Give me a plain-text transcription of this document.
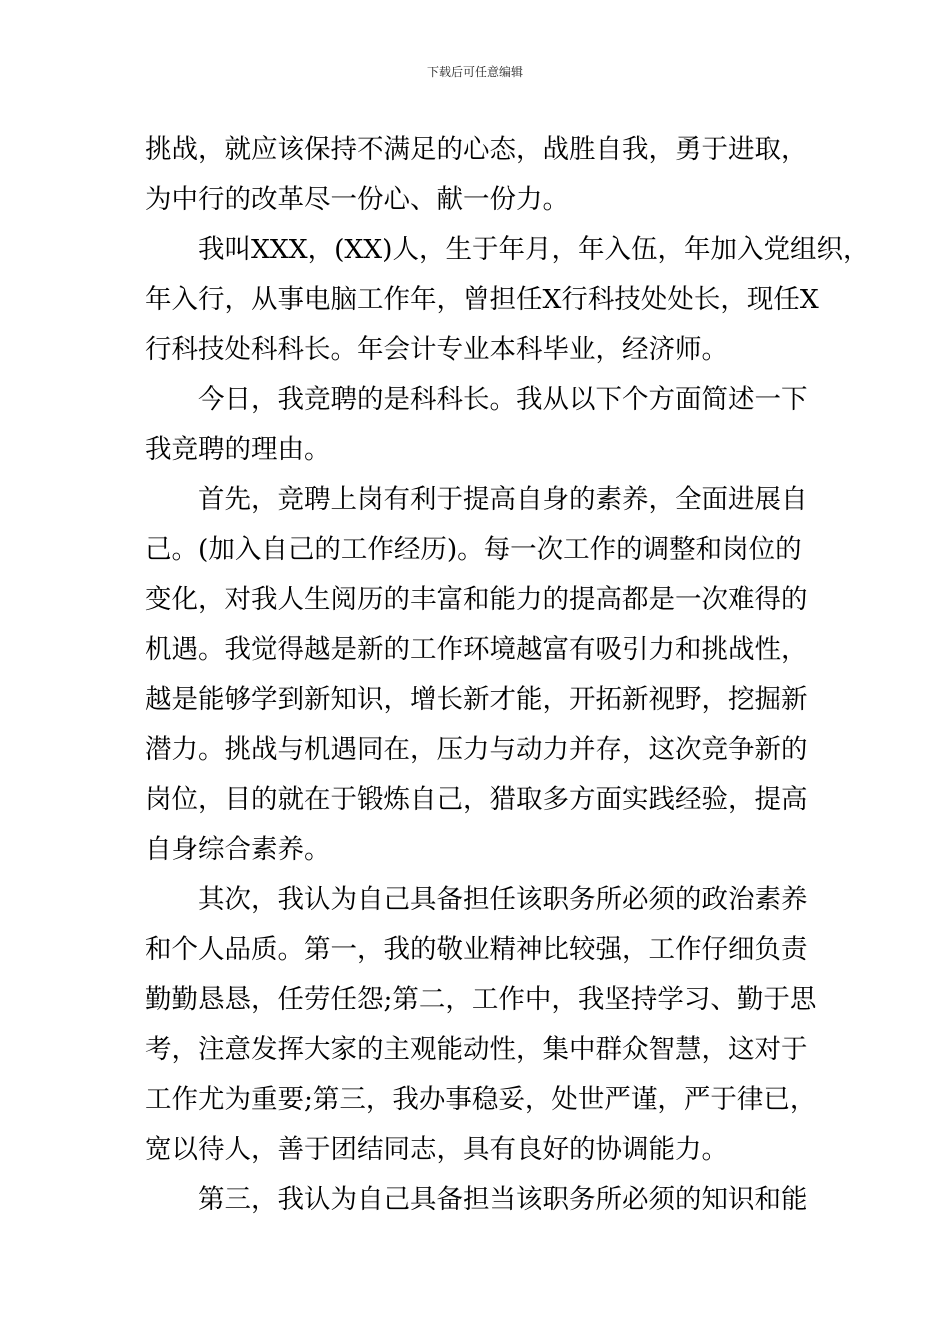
下载后可任意编辑

挑战，就应该保持不满足的心态，战胜自我，勇于进取，
为中行的改革尽一份心、献一份力。

我叫XXX，(XX)人，生于年月，年入伍，年加入党组织，
年入行，从事电脑工作年，曾担任X行科技处处长，现任X
行科技处科科长。年会计专业本科毕业，经济师。

今日，我竞聘的是科科长。我从以下个方面简述一下
我竞聘的理由。

首先，竞聘上岗有利于提高自身的素养，全面进展自
己。(加入自己的工作经历)。每一次工作的调整和岗位的
变化，对我人生阅历的丰富和能力的提高都是一次难得的
机遇。我觉得越是新的工作环境越富有吸引力和挑战性，
越是能够学到新知识，增长新才能，开拓新视野，挖掘新
潜力。挑战与机遇同在，压力与动力并存，这次竞争新的
岗位，目的就在于锻炼自己，猎取多方面实践经验，提高
自身综合素养。

其次，我认为自己具备担任该职务所必须的政治素养
和个人品质。第一，我的敬业精神比较强，工作仔细负责
勤勤恳恳，任劳任怨;第二，工作中，我坚持学习、勤于思
考，注意发挥大家的主观能动性，集中群众智慧，这对于
工作尤为重要;第三，我办事稳妥，处世严谨，严于律已，
宽以待人，善于团结同志，具有良好的协调能力。

第三，我认为自己具备担当该职务所必须的知识和能
